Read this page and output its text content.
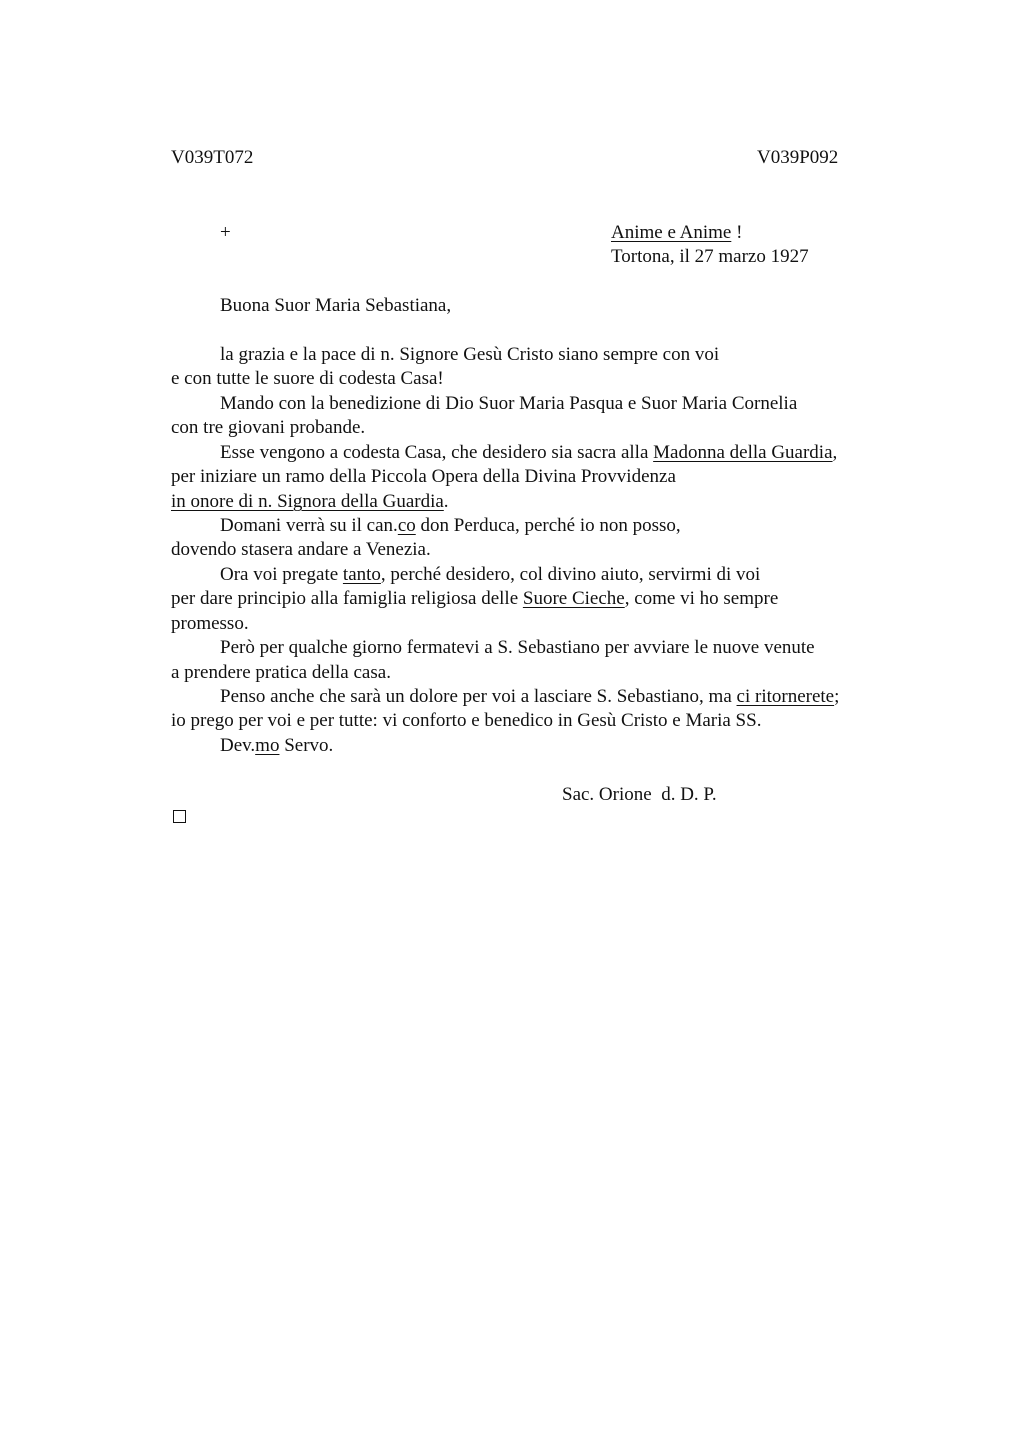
V039T072	V039P092
+	Anime e Anime !
Tortona, il 27 marzo 1927
Buona Suor Maria Sebastiana,
la grazia e la pace di n. Signore Gesù Cristo siano sempre con voi
e con tutte le suore di codesta Casa!
Mando con la benedizione di Dio Suor Maria Pasqua e Suor Maria Cornelia
con tre giovani probande.
Esse vengono a codesta Casa, che desidero sia sacra alla Madonna della Guardia,
per iniziare un ramo della Piccola Opera della Divina Provvidenza
in onore di n. Signora della Guardia.
Domani verrà su il can.co don Perduca, perché io non posso,
dovendo stasera andare a Venezia.
Ora voi pregate tanto, perché desidero, col divino aiuto, servirmi di voi
per dare principio alla famiglia religiosa delle Suore Cieche, come vi ho sempre
promesso.
Però per qualche giorno fermatevi a S. Sebastiano per avviare le nuove venute
a prendere pratica della casa.
Penso anche che sarà un dolore per voi a lasciare S. Sebastiano, ma ci ritornerete;
io prego per voi e per tutte: vi conforto e benedico in Gesù Cristo e Maria SS.
Dev.mo Servo.
Sac. Orione  d. D. P.
